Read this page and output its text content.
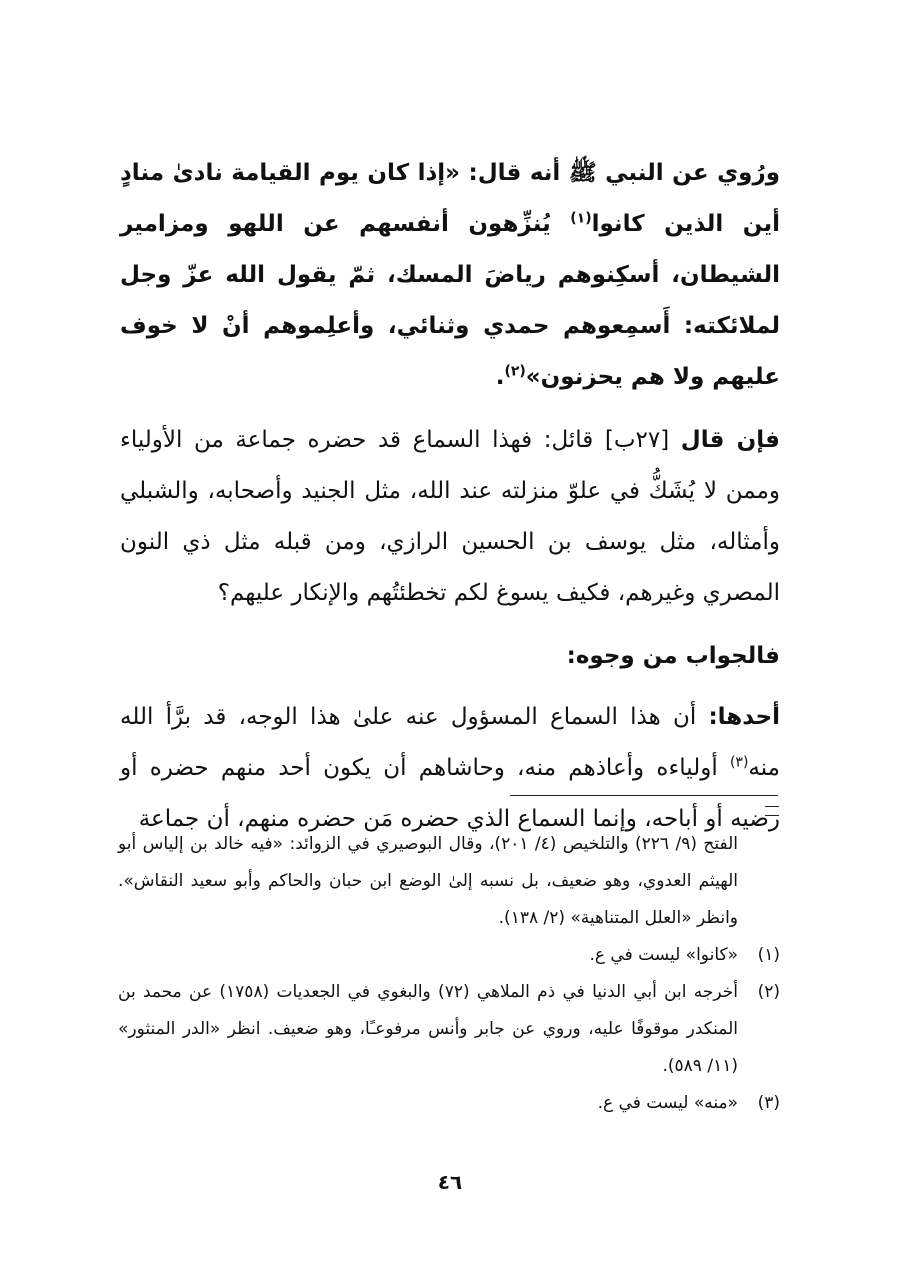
ورُوي عن النبي ﷺ أنه قال: «إذا كان يوم القيامة نادىٰ منادٍ أين الذين كانوا$^{(١)}$ يُنزِّهون أنفسهم عن اللهو ومزامير الشيطان، أسكِنوهم رياضَ المسك، ثمّ يقول الله عزّ وجل لملائكته: أَسمِعوهم حمدي وثنائي، وأعلِموهم أنْ لا خوف عليهم ولا هم يحزنون»$^{(٢)}$.

فإن قال [٢٧ب] قائل: فهذا السماع قد حضره جماعة من الأولياء وممن لا يُشَكُّ في علوّ منزلته عند الله، مثل الجنيد وأصحابه، والشبلي وأمثاله، مثل يوسف بن الحسين الرازي، ومن قبله مثل ذي النون المصري وغيرهم، فكيف يسوغ لكم تخطئتُهم والإنكار عليهم؟

فالجواب من وجوه:

أحدها: أن هذا السماع المسؤول عنه علىٰ هذا الوجه، قد برَّأ الله منه$^{(٣)}$ أولياءه وأعاذهم منه، وحاشاهم أن يكون أحد منهم حضره أو رضيه أو أباحه، وإنما السماع الذي حضره مَن حضره منهم، أن جماعة

الفتح (٩/ ٢٢٦) والتلخيص (٤/ ٢٠١)، وقال البوصيري في الزوائد: «فيه خالد بن إلياس أبو الهيثم العدوي، وهو ضعيف، بل نسبه إلىٰ الوضع ابن حبان والحاكم وأبو سعيد النقاش». وانظر «العلل المتناهية» (٢/ ١٣٨).

(١)
«كانوا» ليست في ع.
(٢)
أخرجه ابن أبي الدنيا في ذم الملاهي (٧٢) والبغوي في الجعديات (١٧٥٨) عن محمد بن المنكدر موقوفًا عليه، وروي عن جابر وأنس مرفوعـًا، وهو ضعيف. انظر «الدر المنثور» (١١/ ٥٨٩).
(٣)
«منه» ليست في ع.
٤٦
